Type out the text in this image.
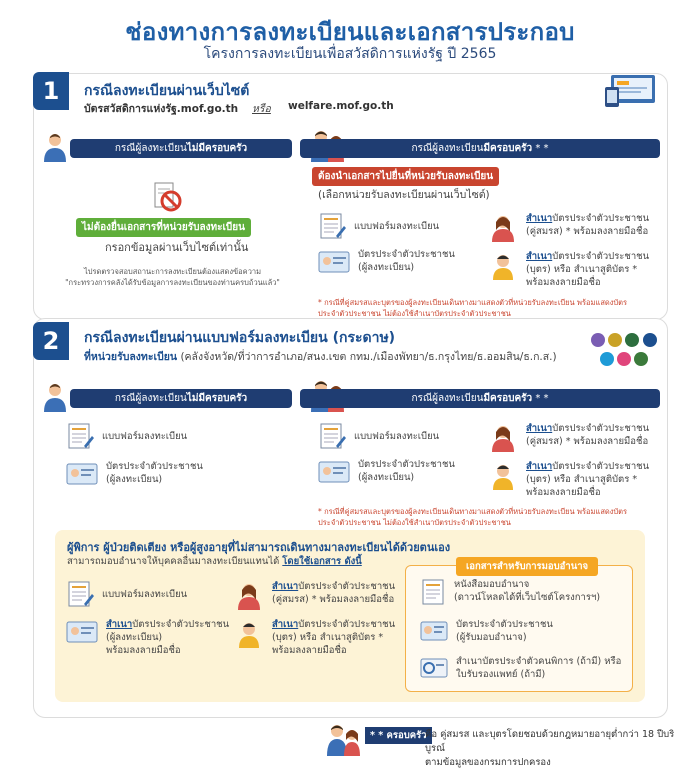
ช่องทางการลงทะเบียนและเอกสารประกอบ
โครงการลงทะเบียนเพื่อสวัสดิการแห่งรัฐ ปี 2565
1	กรณีลงทะเบียนผ่านเว็บไซต์
บัตรสวัสดิการแห่งรัฐ.mof.go.th หรือ welfare.mof.go.th
กรณีผู้ลงทะเบียนไม่มีครอบครัว
ไม่ต้องยื่นเอกสารที่หน่วยรับลงทะเบียน
กรอกข้อมูลผ่านเว็บไซต์เท่านั้น
ไปรดตรวจสอบสถานะการลงทะเบียนต้องแสดงข้อความ
"กระทรวงการคลังได้รับข้อมูลการลงทะเบียนของท่านครบถ้วนแล้ว"
กรณีผู้ลงทะเบียนมีครอบครัว * *
ต้องนำเอกสารไปยื่นที่หน่วยรับลงทะเบียน
(เลือกหน่วยรับลงทะเบียนผ่านเว็บไซต์)
แบบฟอร์มลงทะเบียน
บัตรประจำตัวประชาชน
(ผู้ลงทะเบียน)
สำเนาบัตรประจำตัวประชาชน
(คู่สมรส) * พร้อมลงลายมือชื่อ
สำเนาบัตรประจำตัวประชาชน
(บุตร) หรือ สำเนาสูติบัตร *
พร้อมลงลายมือชื่อ
* กรณีที่คู่สมรสและบุตรของผู้ลงทะเบียนเดินทางมาแสดงตัวที่หน่วยรับลงทะเบียน พร้อมแสดงบัตร
ประจำตัวประชาชน ไม่ต้องใช้สำเนาบัตรประจำตัวประชาชน
2	กรณีลงทะเบียนผ่านแบบฟอร์มลงทะเบียน (กระดาษ)
ที่หน่วยรับลงทะเบียน (คลังจังหวัด/ที่ว่าการอำเภอ/สนง.เขต กทม./เมืองพัทยา/ธ.กรุงไทย/ธ.ออมสิน/ธ.ก.ส.)
กรณีผู้ลงทะเบียนไม่มีครอบครัว
แบบฟอร์มลงทะเบียน
บัตรประจำตัวประชาชน
(ผู้ลงทะเบียน)
กรณีผู้ลงทะเบียนมีครอบครัว * *
แบบฟอร์มลงทะเบียน
บัตรประจำตัวประชาชน
(ผู้ลงทะเบียน)
สำเนาบัตรประจำตัวประชาชน
(คู่สมรส) * พร้อมลงลายมือชื่อ
สำเนาบัตรประจำตัวประชาชน
(บุตร) หรือ สำเนาสูติบัตร *
พร้อมลงลายมือชื่อ
* กรณีที่คู่สมรสและบุตรของผู้ลงทะเบียนเดินทางมาแสดงตัวที่หน่วยรับลงทะเบียน พร้อมแสดงบัตร
ประจำตัวประชาชน ไม่ต้องใช้สำเนาบัตรประจำตัวประชาชน
ผู้พิการ ผู้ป่วยติดเตียง หรือผู้สูงอายุที่ไม่สามารถเดินทางมาลงทะเบียนได้ด้วยตนเอง
สามารถมอบอำนาจให้บุคคลอื่นมาลงทะเบียนแทนได้ โดยใช้เอกสาร ดังนี้
แบบฟอร์มลงทะเบียน
สำเนาบัตรประจำตัวประชาชน
(ผู้ลงทะเบียน)
พร้อมลงลายมือชื่อ
สำเนาบัตรประจำตัวประชาชน
(คู่สมรส) * พร้อมลงลายมือชื่อ
สำเนาบัตรประจำตัวประชาชน
(บุตร) หรือ สำเนาสูติบัตร *
พร้อมลงลายมือชื่อ
เอกสารสำหรับการมอบอำนาจ
หนังสือมอบอำนาจ
(ดาวน์โหลดได้ที่เว็บไซต์โครงการฯ)
บัตรประจำตัวประชาชน
(ผู้รับมอบอำนาจ)
สำเนาบัตรประจำตัวคนพิการ (ถ้ามี) หรือ
ใบรับรองแพทย์ (ถ้ามี)
* * ครอบครัว
คือ คู่สมรส และบุตรโดยชอบด้วยกฎหมายอายุต่ำกว่า 18 ปีบริบูรณ์
ตามข้อมูลของกรมการปกครอง
